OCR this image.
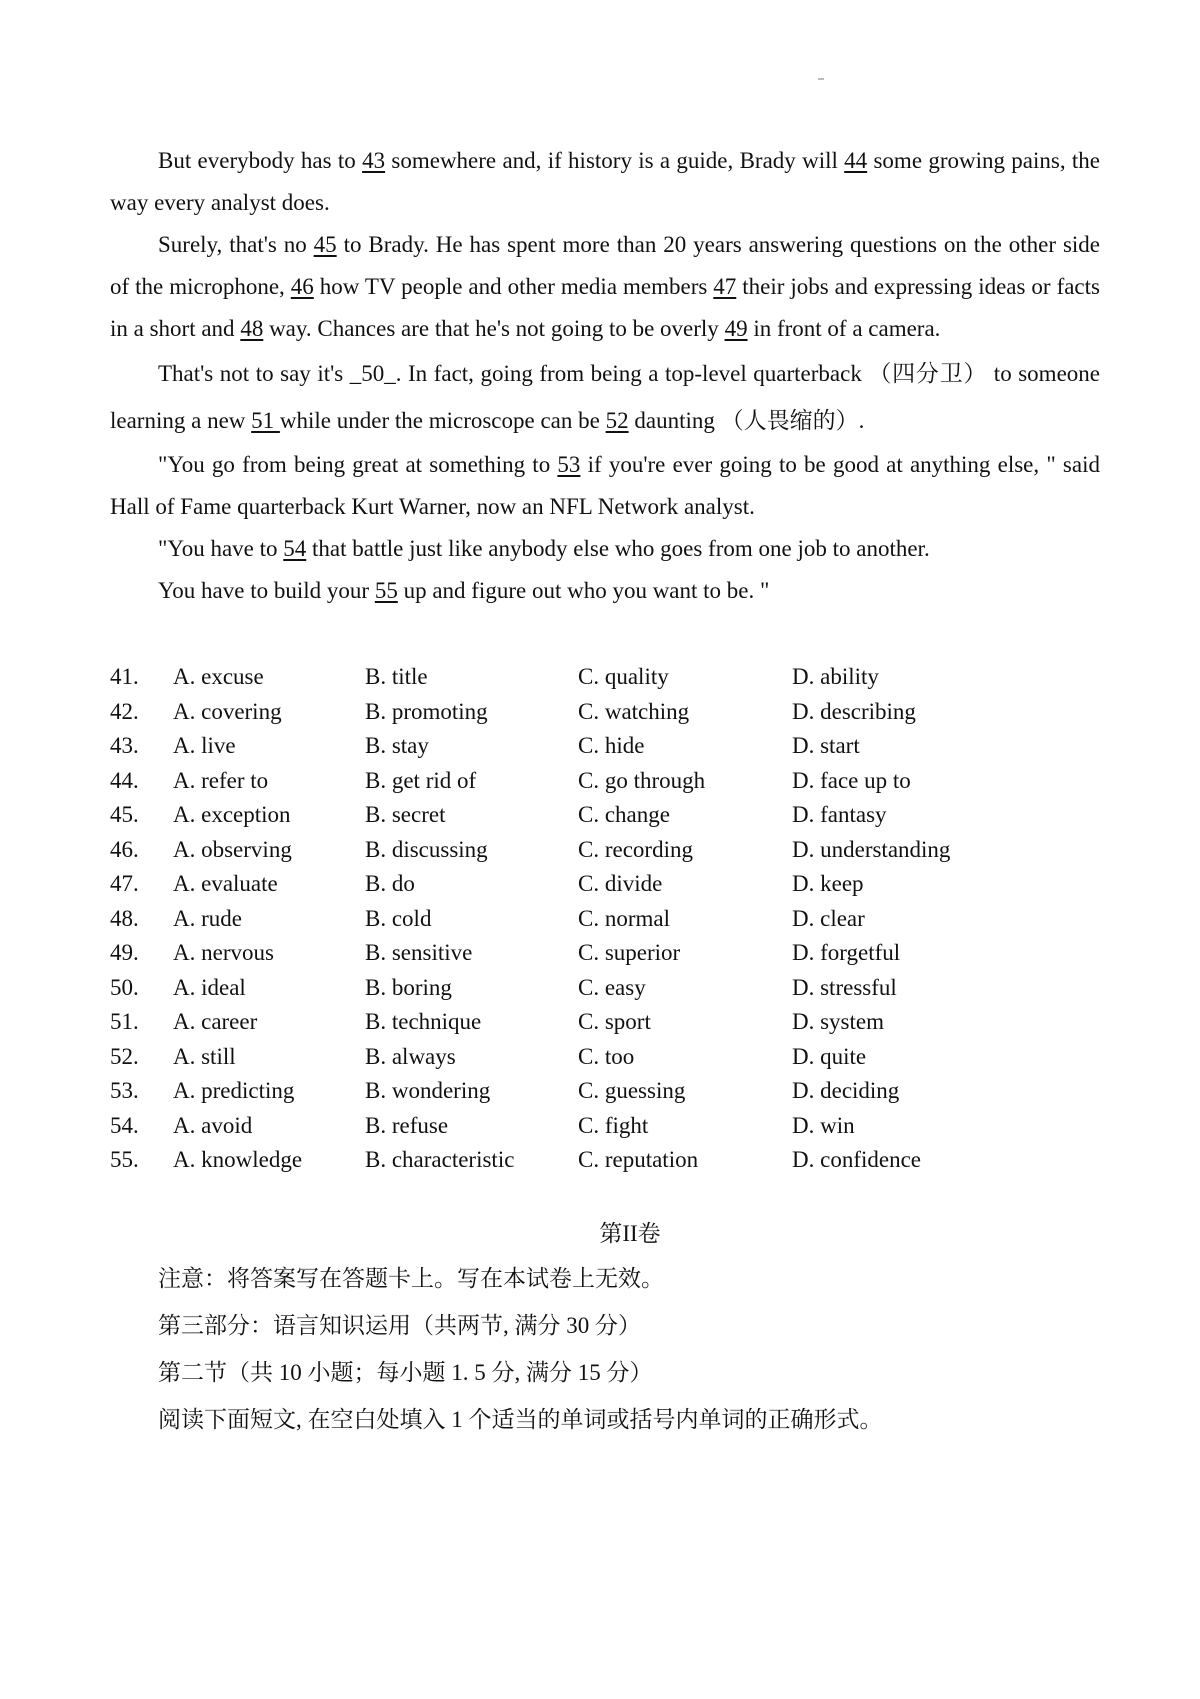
But everybody has to 43 somewhere and, if history is a guide, Brady will 44 some growing pains, the way every analyst does.

Surely, that's no 45 to Brady. He has spent more than 20 years answering questions on the other side of the microphone, 46 how TV people and other media members 47 their jobs and expressing ideas or facts in a short and 48 way. Chances are that he's not going to be overly 49 in front of a camera.

That's not to say it's _50_. In fact, going from being a top-level quarterback （四分卫） to someone learning a new 51 while under the microscope can be 52 daunting （人畏缩的）.

"You go from being great at something to 53 if you're ever going to be good at anything else, " said Hall of Fame quarterback Kurt Warner, now an NFL Network analyst.

"You have to 54 that battle just like anybody else who goes from one job to another.

You have to build your 55 up and figure out who you want to be. "

41. A. excuse	B. title	C. quality	D. ability
42. A. covering	B. promoting	C. watching	D. describing
43. A. live	B. stay	C. hide	D. start
44. A. refer to	B. get rid of	C. go through	D. face up to
45. A. exception	B. secret	C. change	D. fantasy
46. A. observing	B. discussing	C. recording	D. understanding
47. A. evaluate	B. do	C. divide	D. keep
48. A. rude	B. cold	C. normal	D. clear
49. A. nervous	B. sensitive	C. superior	D. forgetful
50. A. ideal	B. boring	C. easy	D. stressful
51. A. career	B. technique	C. sport	D. system
52. A. still	B. always	C. too	D. quite
53. A. predicting	B. wondering	C. guessing	D. deciding
54. A. avoid	B. refuse	C. fight	D. win
55. A. knowledge	B. characteristic	C. reputation	D. confidence
第II卷
注意：将答案写在答题卡上。写在本试卷上无效。
第三部分：语言知识运用（共两节, 满分 30 分）
第二节（共 10 小题；每小题 1. 5 分, 满分 15 分）
阅读下面短文, 在空白处填入 1 个适当的单词或括号内单词的正确形式。
